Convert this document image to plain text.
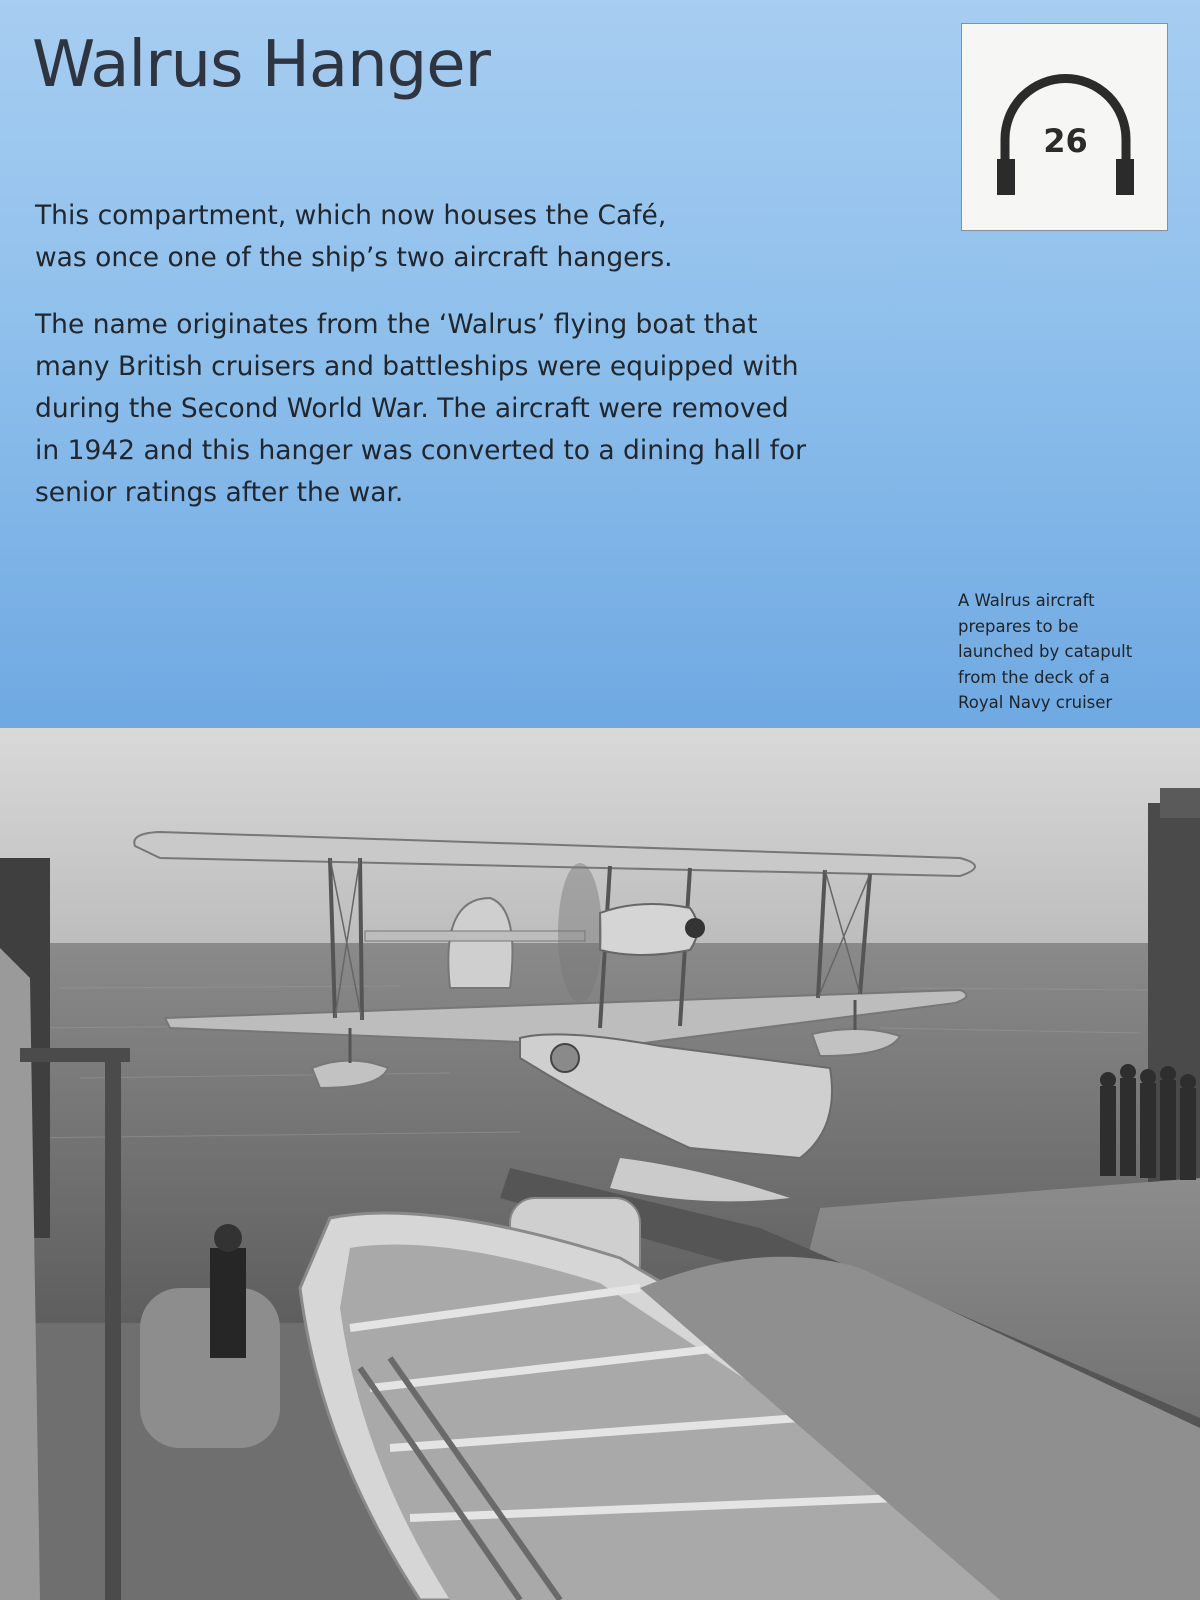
Walrus Hanger
This compartment, which now houses the Café,
was once one of the ship’s two aircraft hangers.
The name originates from the ‘Walrus’ flying boat that
many British cruisers and battleships were equipped with
during the Second World War. The aircraft were removed
in 1942 and this hanger was converted to a dining hall for
senior ratings after the war.
26
A Walrus aircraft
prepares to be
launched by catapult
from the deck of a
Royal Navy cruiser
